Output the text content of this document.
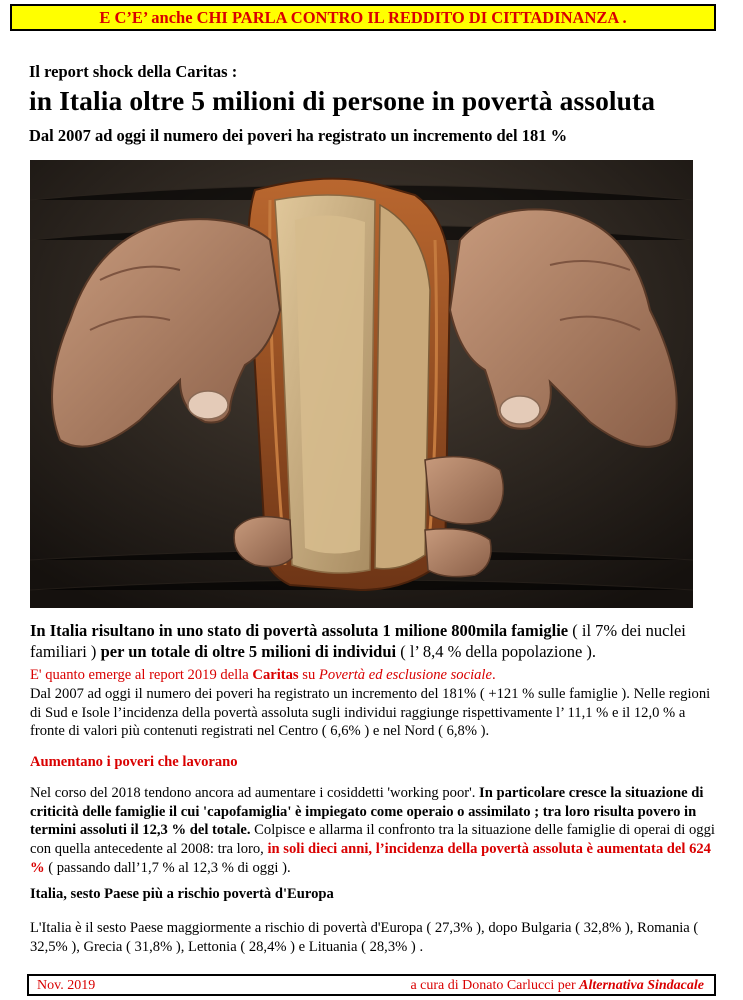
E C’E’ anche CHI PARLA CONTRO IL REDDITO DI CITTADINANZA .
Il report shock della Caritas :
in Italia oltre 5 milioni di persone in povertà assoluta
Dal 2007 ad oggi il numero dei poveri ha registrato un incremento del 181 %
In Italia risultano in uno stato di povertà assoluta 1 milione 800mila famiglie ( il 7% dei nuclei familiari ) per un totale di oltre 5 milioni di individui ( l’ 8,4 % della popolazione ).
E' quanto emerge al report 2019 della Caritas su Povertà ed esclusione sociale.
Dal 2007 ad oggi il numero dei poveri ha registrato un incremento del 181% ( +121 % sulle famiglie ). Nelle regioni di Sud e Isole l’incidenza della povertà assoluta sugli individui raggiunge rispettivamente l’ 11,1 % e il 12,0 % a fronte di valori più contenuti registrati nel Centro ( 6,6% ) e nel Nord ( 6,8% ).
Aumentano i poveri che lavorano
Nel corso del 2018 tendono ancora ad aumentare i cosiddetti 'working poor'. In particolare cresce la situazione di criticità delle famiglie il cui 'capofamiglia' è impiegato come operaio o assimilato ; tra loro risulta povero in termini assoluti il 12,3 % del totale. Colpisce e allarma il confronto tra la situazione delle famiglie di operai di oggi con quella antecedente al 2008: tra loro, in soli dieci anni, l’incidenza della povertà assoluta è aumentata del 624 % ( passando dall’1,7 % al 12,3 % di oggi ).
Italia, sesto Paese più a rischio povertà d'Europa
L'Italia è il sesto Paese maggiormente a rischio di povertà d'Europa ( 27,3% ), dopo Bulgaria ( 32,8% ), Romania ( 32,5% ), Grecia ( 31,8% ), Lettonia ( 28,4% ) e Lituania ( 28,3% ) .
Nov. 2019	a cura di Donato Carlucci per Alternativa Sindacale
